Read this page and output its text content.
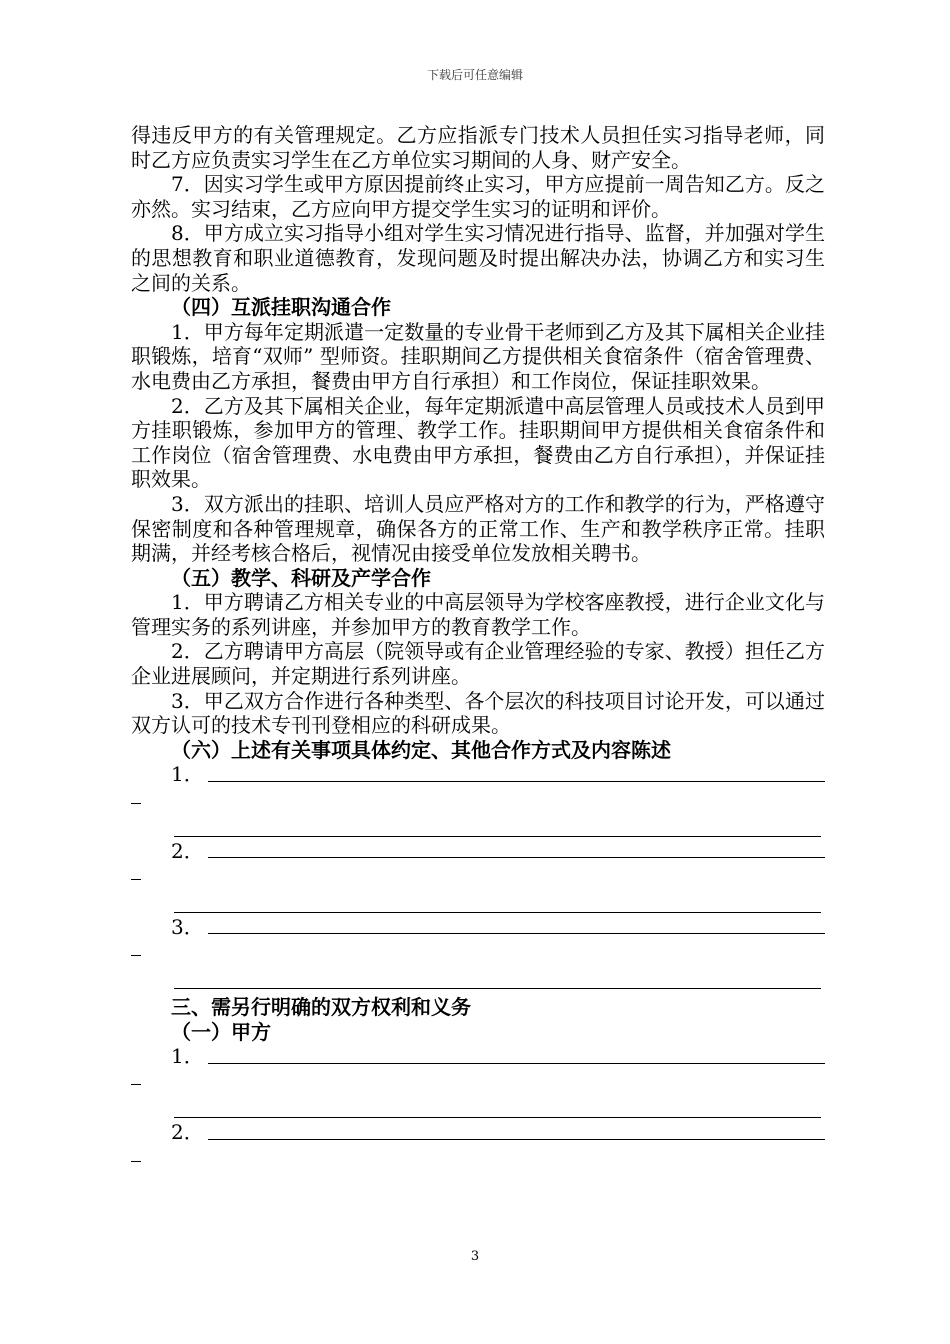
下载后可任意编辑

得违反甲方的有关管理规定。乙方应指派专门技术人员担任实习指导老师，同时乙方应负责实习学生在乙方单位实习期间的人身、财产安全。

7．因实习学生或甲方原因提前终止实习，甲方应提前一周告知乙方。反之亦然。实习结束，乙方应向甲方提交学生实习的证明和评价。

8．甲方成立实习指导小组对学生实习情况进行指导、监督，并加强对学生的思想教育和职业道德教育，发现问题及时提出解决办法，协调乙方和实习生之间的关系。

（四）互派挂职沟通合作

1．甲方每年定期派遣一定数量的专业骨干老师到乙方及其下属相关企业挂职锻炼，培育“双师” 型师资。挂职期间乙方提供相关食宿条件（宿舍管理费、水电费由乙方承担，餐费由甲方自行承担）和工作岗位，保证挂职效果。

2．乙方及其下属相关企业，每年定期派遣中高层管理人员或技术人员到甲方挂职锻炼，参加甲方的管理、教学工作。挂职期间甲方提供相关食宿条件和工作岗位（宿舍管理费、水电费由甲方承担，餐费由乙方自行承担），并保证挂职效果。

3．双方派出的挂职、培训人员应严格对方的工作和教学的行为，严格遵守保密制度和各种管理规章，确保各方的正常工作、生产和教学秩序正常。挂职期满，并经考核合格后，视情况由接受单位发放相关聘书。

（五）教学、科研及产学合作

1．甲方聘请乙方相关专业的中高层领导为学校客座教授，进行企业文化与管理实务的系列讲座，并参加甲方的教育教学工作。

2．乙方聘请甲方高层（院领导或有企业管理经验的专家、教授）担任乙方企业进展顾问，并定期进行系列讲座。

3．甲乙双方合作进行各种类型、各个层次的科技项目讨论开发，可以通过双方认可的技术专刊刊登相应的科研成果。

（六）上述有关事项具体约定、其他合作方式及内容陈述

1．
2．
3．

三、需另行明确的双方权利和义务

（一）甲方

1．
2．
3
